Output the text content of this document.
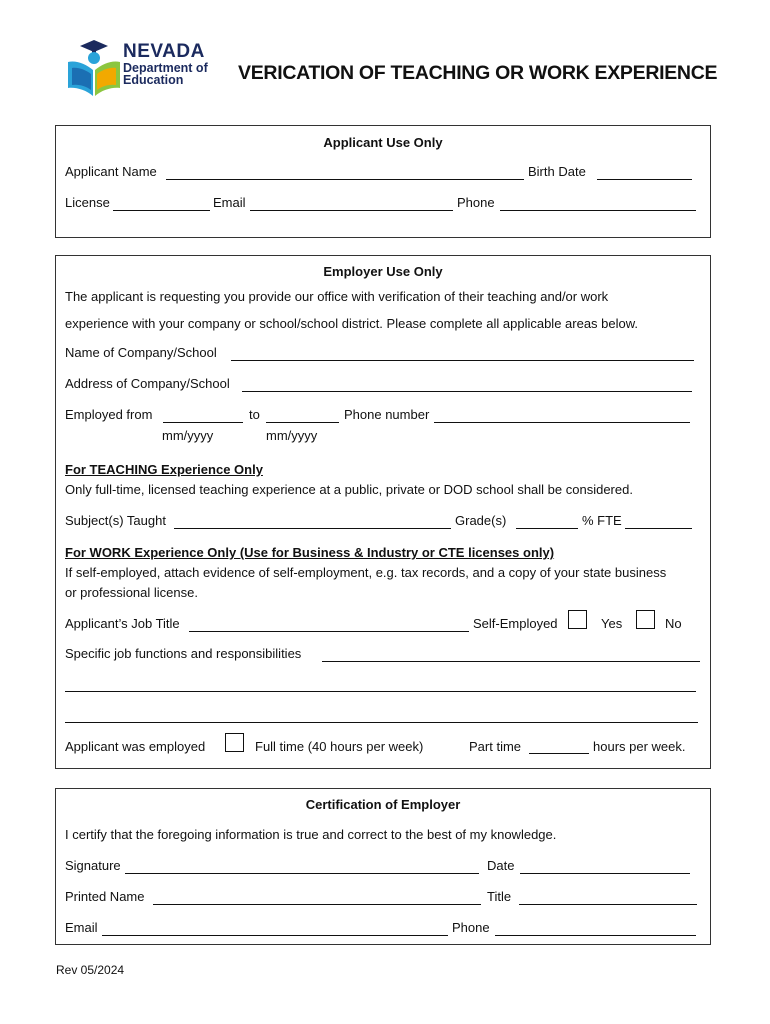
NEVADA
Department of
Education	VERICATION OF TEACHING OR WORK EXPERIENCE
Applicant Use Only
Applicant Name	Birth Date
License	Email	Phone
Employer Use Only
The applicant is requesting you provide our office with verification of their teaching and/or work
experience with your company or school/school district. Please complete all applicable areas below.
Name of Company/School
Address of Company/School
Employed from	to	Phone number
mm/yyyy	mm/yyyy
For TEACHING Experience Only
Only full-time, licensed teaching experience at a public, private or DOD school shall be considered.
Subject(s) Taught	Grade(s)	% FTE
For WORK Experience Only (Use for Business & Industry or CTE licenses only)
If self-employed, attach evidence of self-employment, e.g. tax records, and a copy of your state business
or professional license.
Applicant’s Job Title	Self-Employed	Yes	No
Specific job functions and responsibilities
Applicant was employed	Full time (40 hours per week)	Part time	hours per week.
Certification of Employer
I certify that the foregoing information is true and correct to the best of my knowledge.
Signature	Date
Printed Name	Title
Email	Phone
Rev 05/2024
